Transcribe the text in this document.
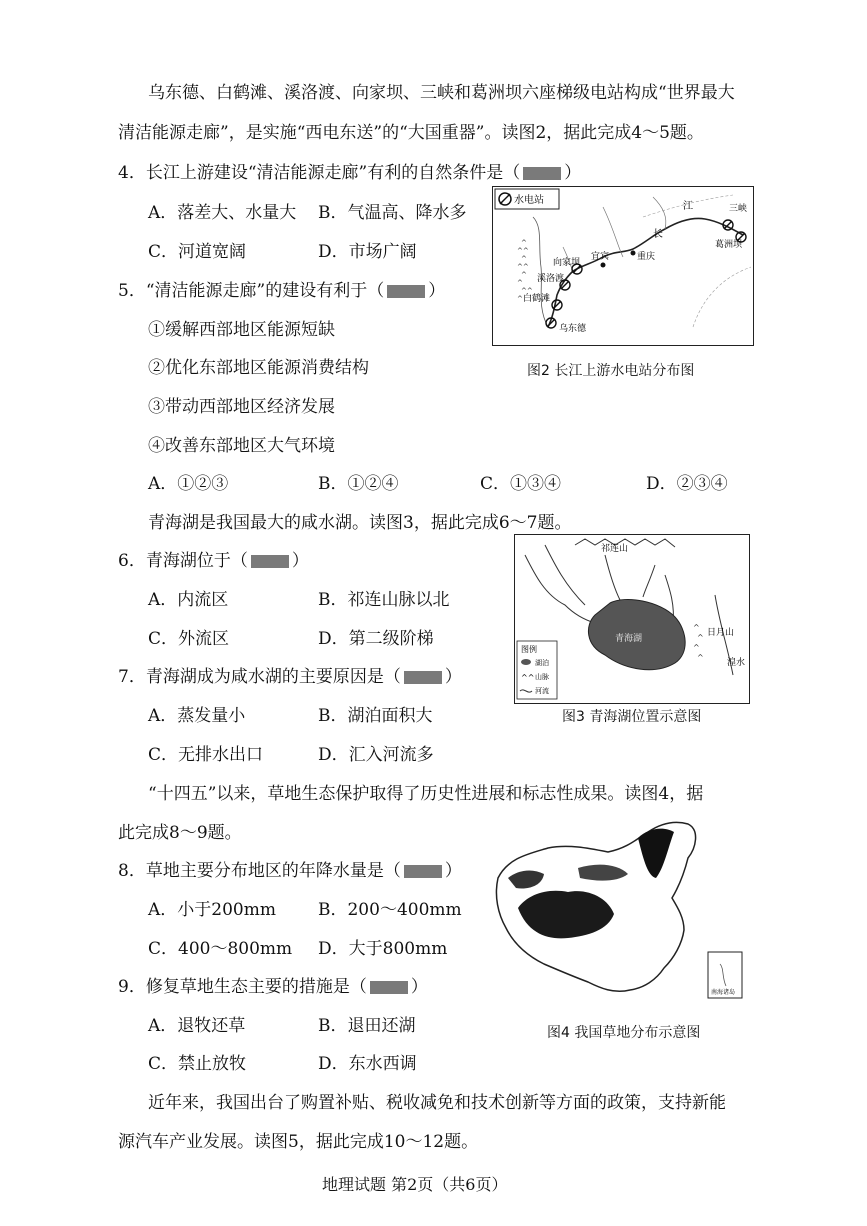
乌东德、白鹤滩、溪洛渡、向家坝、三峡和葛洲坝六座梯级电站构成“世界最大
清洁能源走廊”，是实施“西电东送”的“大国重器”。读图2，据此完成4～5题。
4．长江上游建设“清洁能源走廊”有利的自然条件是（	）
A．落差大、水量大 B．气温高、降水多
C．河道宽阔	D．市场广阔
水电站
^
^^
^
^^
^
^
^^
^
江
长
三峡
葛洲坝
宜宾	重庆
向家坝
溪洛渡
白鹤滩
乌东德
图2 长江上游水电站分布图
5．“清洁能源走廊”的建设有利于（	）
①缓解西部地区能源短缺
②优化东部地区能源消费结构
③带动西部地区经济发展
④改善东部地区大气环境
A．①②③	B．①②④	C．①③④	D．②③④
青海湖是我国最大的咸水湖。读图3，据此完成6～7题。
祁连山
青海湖
^
^
^
^
日月山
湟水
图例
湖泊
^^ 山脉
河流
图3 青海湖位置示意图
6．青海湖位于（	）
A．内流区	B．祁连山脉以北
C．外流区	D．第二级阶梯
7．青海湖成为咸水湖的主要原因是（	）
A．蒸发量小	B．湖泊面积大
C．无排水出口	D．汇入河流多
“十四五”以来，草地生态保护取得了历史性进展和标志性成果。读图4，据
此完成8～9题。
8．草地主要分布地区的年降水量是（	）
A．小于200mm B．200～400mm
C．400～800mm D．大于800mm
南海诸岛
图4 我国草地分布示意图
9．修复草地生态主要的措施是（	）
A．退牧还草	B．退田还湖
C．禁止放牧	D．东水西调
近年来，我国出台了购置补贴、税收减免和技术创新等方面的政策，支持新能
源汽车产业发展。读图5，据此完成10～12题。
地理试题 第2页（共6页）
